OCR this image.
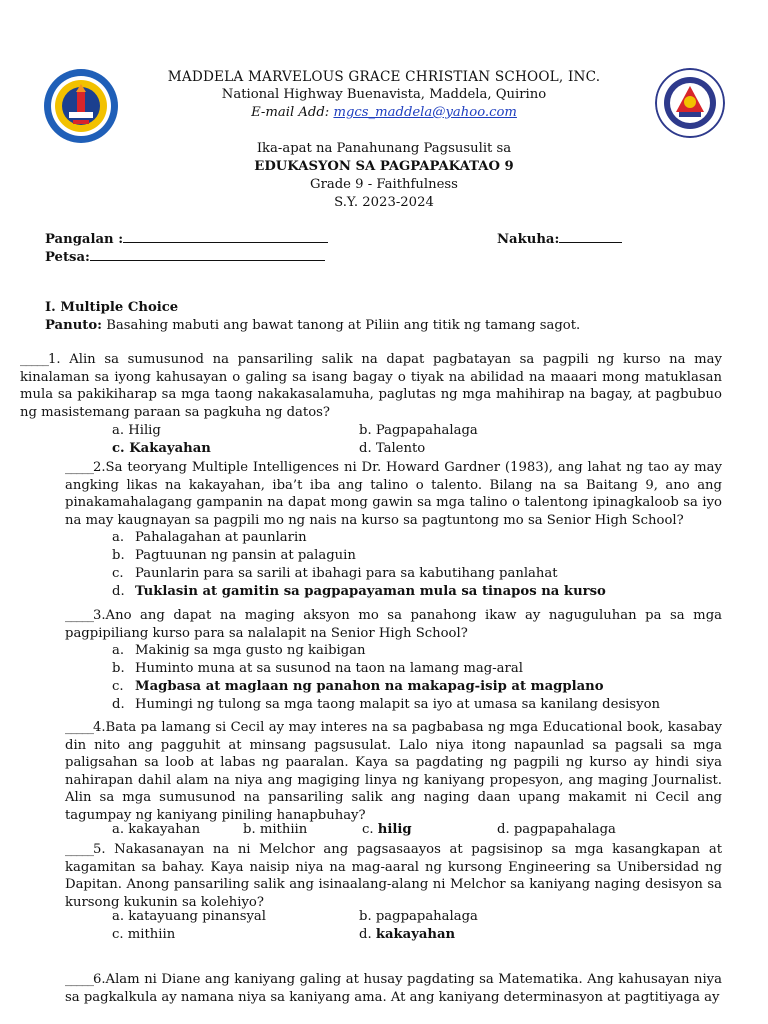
MADDELA MARVELOUS GRACE CHRISTIAN SCHOOL, INC.
National Highway Buenavista, Maddela, Quirino
E-mail Add: mgcs_maddela@yahoo.com
Ika-apat na Panahunang Pagsusulit sa
EDUKASYON SA PAGPAPAKATAO 9
Grade 9 - Faithfulness
S.Y. 2023-2024
Pangalan :	Nakuha:
Petsa:
I. Multiple Choice
Panuto: Basahing mabuti ang bawat tanong at Piliin ang titik ng tamang sagot.
_____1. Alin sa sumusunod na pansariling salik na dapat pagbatayan sa pagpili ng kurso na may kinalaman sa iyong kahusayan o galing sa isang bagay o tiyak na abilidad na maaari mong matuklasan mula sa pakikiharap sa mga taong nakakasalamuha, paglutas ng mga mahihirap na bagay, at pagbubuo ng masistemang paraan sa pagkuha ng datos?
a. Hilig	b. Pagpapahalaga
c. Kakayahan	d. Talento
_____2.Sa teoryang Multiple Intelligences ni Dr. Howard Gardner (1983), ang lahat ng tao ay may angking likas na kakayahan, iba’t iba ang talino o talento. Bilang na sa Baitang 9, ano ang pinakamahalagang gampanin na dapat mong gawin sa mga talino o talentong ipinagkaloob sa iyo na may kaugnayan sa pagpili mo ng nais na kurso sa pagtuntong mo sa Senior High School?
a. Pahalagahan at paunlarin
b. Pagtuunan ng pansin at palaguin
c. Paunlarin para sa sarili at ibahagi para sa kabutihang panlahat
d. Tuklasin at gamitin sa pagpapayaman mula sa tinapos na kurso
_____3.Ano ang dapat na maging aksyon mo sa panahong ikaw ay naguguluhan pa sa mga pagpipiliang kurso para sa nalalapit na Senior High School?
a. Makinig sa mga gusto ng kaibigan
b. Huminto muna at sa susunod na taon na lamang mag-aral
c. Magbasa at maglaan ng panahon na makapag-isip at magplano
d. Humingi ng tulong sa mga taong malapit sa iyo at umasa sa kanilang desisyon
_____4.Bata pa lamang si Cecil ay may interes na sa pagbabasa ng mga Educational book, kasabay din nito ang pagguhit at minsang pagsusulat. Lalo niya itong napaunlad sa pagsali sa mga paligsahan sa loob at labas ng paaralan. Kaya sa pagdating ng pagpili ng kurso ay hindi siya nahirapan dahil alam na niya ang magiging linya ng kaniyang propesyon, ang maging Journalist. Alin sa mga sumusunod na pansariling salik ang naging daan upang makamit ni Cecil ang tagumpay ng kaniyang piniling hanapbuhay?
a. kakayahan	b. mithiin	c. hilig	d. pagpapahalaga
_____5. Nakasanayan na ni Melchor ang pagsasaayos at pagsisinop sa mga kasangkapan at kagamitan sa bahay. Kaya naisip niya na mag-aaral ng kursong Engineering sa Unibersidad ng Dapitan. Anong pansariling salik ang isinaalang-alang ni Melchor sa kaniyang naging desisyon sa kursong kukunin sa kolehiyo?
a. katayuang pinansyal	b. pagpapahalaga
c. mithiin	d. kakayahan
_____6.Alam ni Diane ang kaniyang galing at husay pagdating sa Matematika. Ang kahusayan niya sa pagkalkula ay namana niya sa kaniyang ama. At ang kaniyang determinasyon at pagtitiyaga ay
